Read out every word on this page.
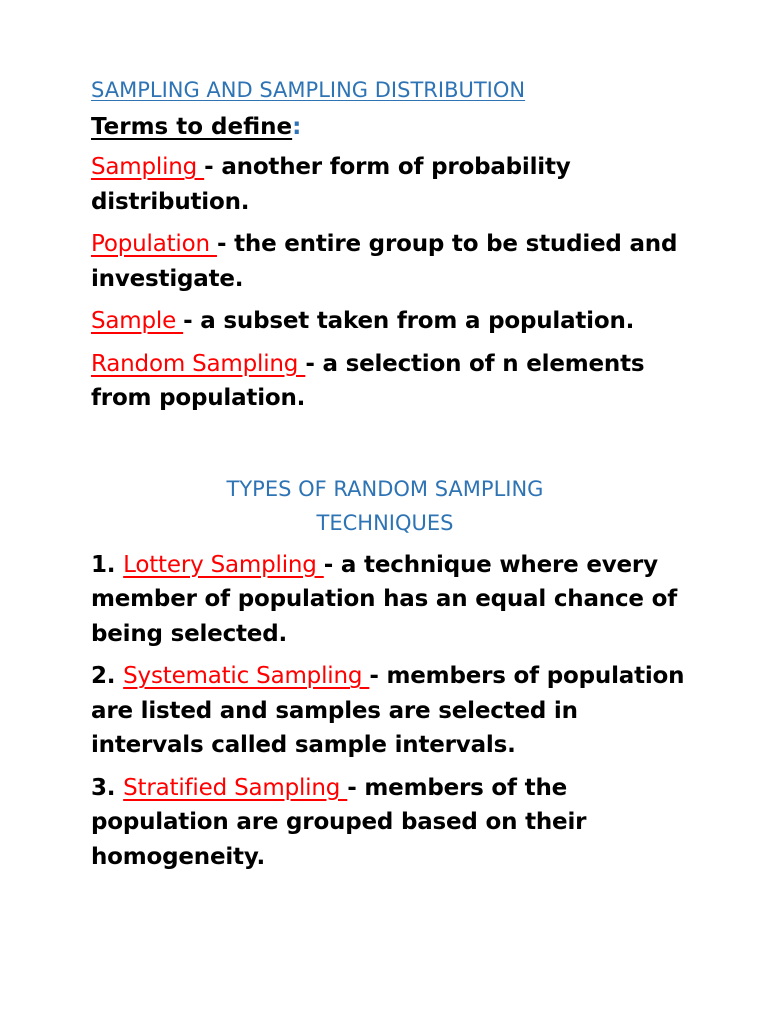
SAMPLING AND SAMPLING DISTRIBUTION
Terms to define:

Sampling - another form of probability distribution.

Population - the entire group to be studied and investigate.

Sample - a subset taken from a population.

Random Sampling - a selection of n elements from population.

TYPES OF RANDOM SAMPLING
TECHNIQUES

1. Lottery Sampling - a technique where every member of population has an equal chance of being selected.

2. Systematic Sampling - members of population are listed and samples are selected in intervals called sample intervals.

3. Stratified Sampling - members of the population are grouped based on their homogeneity.
